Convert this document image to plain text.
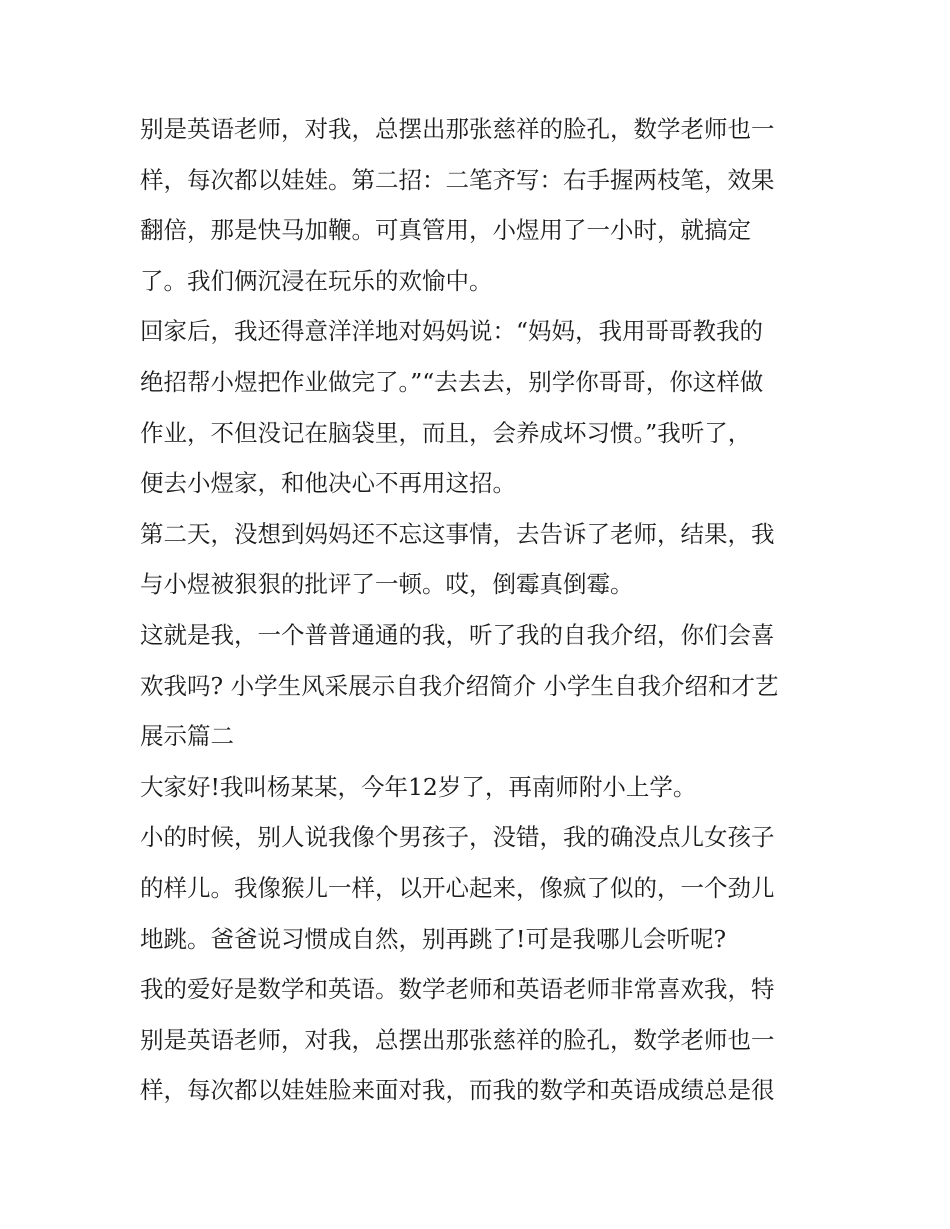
别是英语老师，对我，总摆出那张慈祥的脸孔，数学老师也一
样，每次都以娃娃。第二招：二笔齐写：右手握两枝笔，效果
翻倍，那是快马加鞭。可真管用，小煜用了一小时，就搞定
了。我们俩沉浸在玩乐的欢愉中。
回家后，我还得意洋洋地对妈妈说：“妈妈，我用哥哥教我的
绝招帮小煜把作业做完了。”“去去去，别学你哥哥，你这样做
作业，不但没记在脑袋里，而且，会养成坏习惯。”我听了，
便去小煜家，和他决心不再用这招。
第二天，没想到妈妈还不忘这事情，去告诉了老师，结果，我
与小煜被狠狠的批评了一顿。哎，倒霉真倒霉。
这就是我，一个普普通通的我，听了我的自我介绍，你们会喜
欢我吗? 小学生风采展示自我介绍简介 小学生自我介绍和才艺
展示篇二
大家好!我叫杨某某，今年12岁了，再南师附小上学。
小的时候，别人说我像个男孩子，没错，我的确没点儿女孩子
的样儿。我像猴儿一样，以开心起来，像疯了似的，一个劲儿
地跳。爸爸说习惯成自然，别再跳了!可是我哪儿会听呢?
我的爱好是数学和英语。数学老师和英语老师非常喜欢我，特
别是英语老师，对我，总摆出那张慈祥的脸孔，数学老师也一
样，每次都以娃娃脸来面对我，而我的数学和英语成绩总是很
